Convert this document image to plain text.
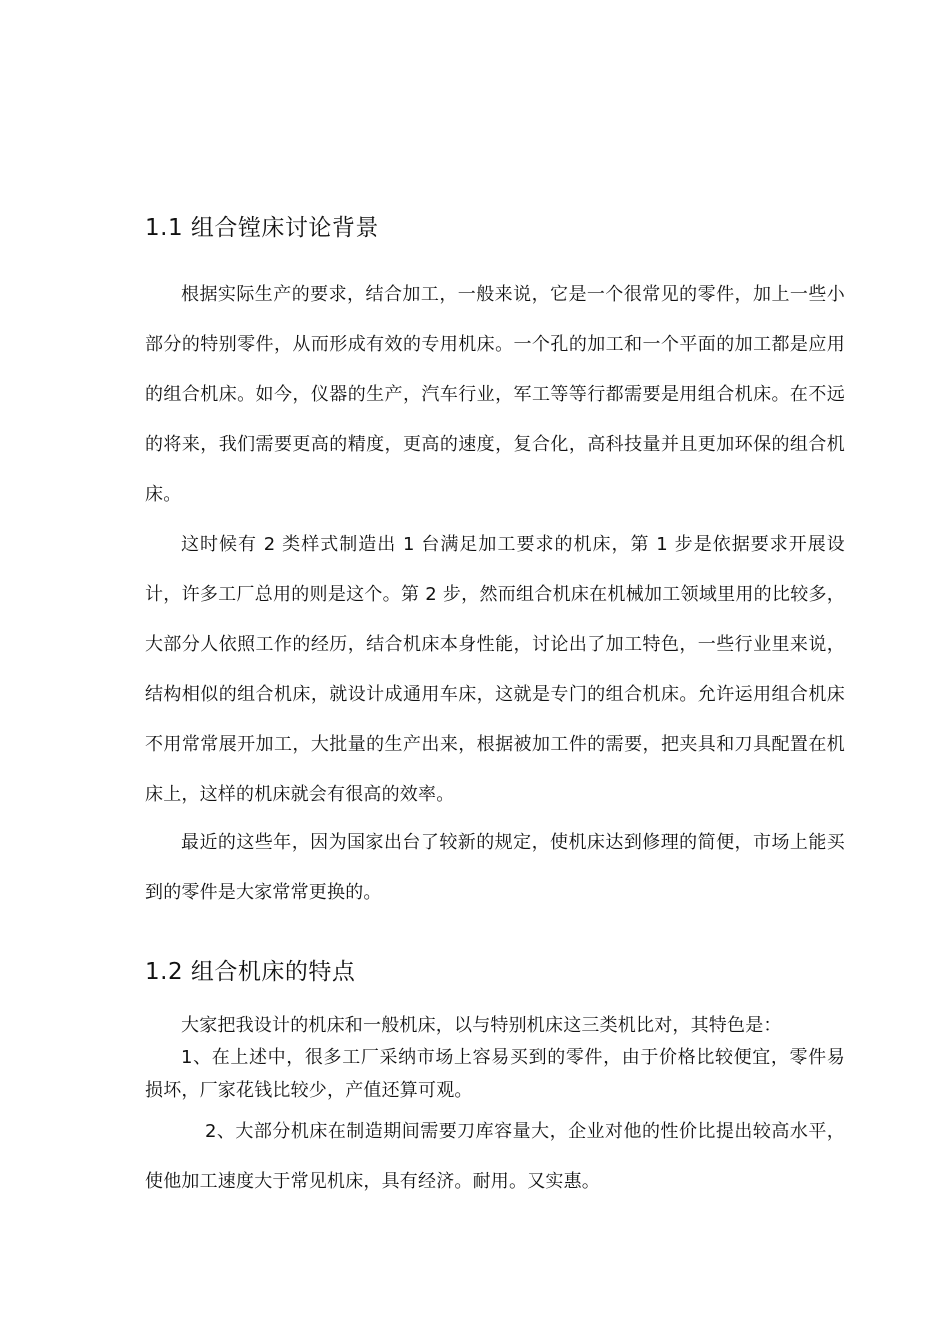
1.1 组合镗床讨论背景

根据实际生产的要求，结合加工，一般来说，它是一个很常见的零件，加上一些小部分的特别零件，从而形成有效的专用机床。一个孔的加工和一个平面的加工都是应用的组合机床。如今，仪器的生产，汽车行业，军工等等行都需要是用组合机床。在不远的将来，我们需要更高的精度，更高的速度，复合化，高科技量并且更加环保的组合机床。

这时候有 2 类样式制造出 1 台满足加工要求的机床，第 1 步是依据要求开展设计，许多工厂总用的则是这个。第 2 步，然而组合机床在机械加工领域里用的比较多，大部分人依照工作的经历，结合机床本身性能，讨论出了加工特色，一些行业里来说，结构相似的组合机床，就设计成通用车床，这就是专门的组合机床。允许运用组合机床不用常常展开加工，大批量的生产出来，根据被加工件的需要，把夹具和刀具配置在机床上，这样的机床就会有很高的效率。

最近的这些年，因为国家出台了较新的规定，使机床达到修理的简便，市场上能买到的零件是大家常常更换的。

1.2 组合机床的特点

大家把我设计的机床和一般机床，以与特别机床这三类机比对，其特色是：

1、在上述中，很多工厂采纳市场上容易买到的零件，由于价格比较便宜，零件易损坏，厂家花钱比较少，产值还算可观。

2、大部分机床在制造期间需要刀库容量大，企业对他的性价比提出较高水平，使他加工速度大于常见机床，具有经济。耐用。又实惠。
